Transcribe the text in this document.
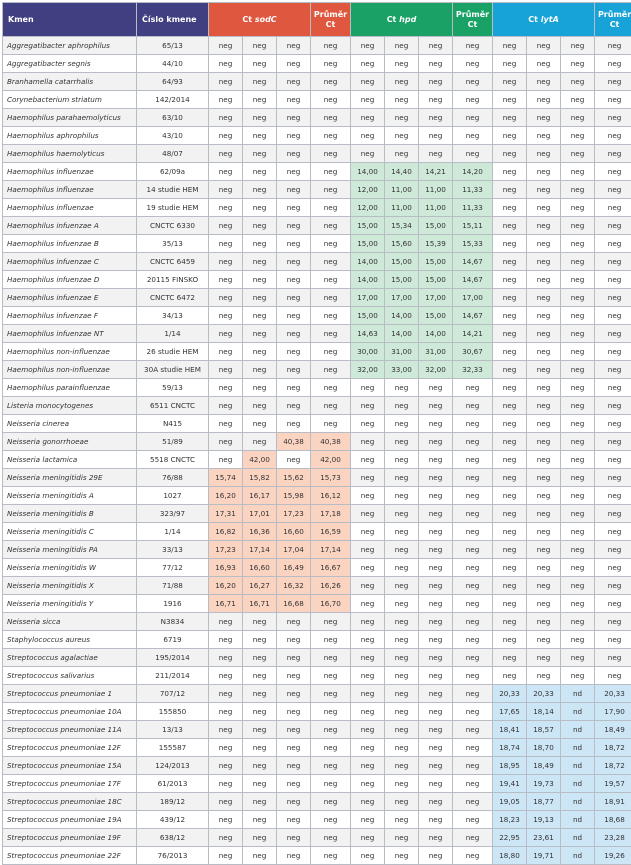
Kmen	Číslo kmene	Ct sodC			Průměr Ct	Ct hpd			Průměr Ct	Ct lytA			Průměr Ct
Aggregatibacter aphrophilus	65/13	neg	neg	neg	neg	neg	neg	neg	neg	neg	neg	neg	neg
Aggregatibacter segnis	44/10	neg	neg	neg	neg	neg	neg	neg	neg	neg	neg	neg	neg
Branhamella catarrhalis	64/93	neg	neg	neg	neg	neg	neg	neg	neg	neg	neg	neg	neg
Corynebacterium striatum	142/2014	neg	neg	neg	neg	neg	neg	neg	neg	neg	neg	neg	neg
Haemophilus parahaemolyticus	63/10	neg	neg	neg	neg	neg	neg	neg	neg	neg	neg	neg	neg
Haemophilus aphrophilus	43/10	neg	neg	neg	neg	neg	neg	neg	neg	neg	neg	neg	neg
Haemophilus haemolyticus	48/07	neg	neg	neg	neg	neg	neg	neg	neg	neg	neg	neg	neg
Haemophilus influenzae	62/09a	neg	neg	neg	neg	14,00	14,40	14,21	14,20	neg	neg	neg	neg
Haemophilus influenzae	14 studie HEM	neg	neg	neg	neg	12,00	11,00	11,00	11,33	neg	neg	neg	neg
Haemophilus influenzae	19 studie HEM	neg	neg	neg	neg	12,00	11,00	11,00	11,33	neg	neg	neg	neg
Haemophilus infuenzae A	CNCTC 6330	neg	neg	neg	neg	15,00	15,34	15,00	15,11	neg	neg	neg	neg
Haemophilus infuenzae B	35/13	neg	neg	neg	neg	15,00	15,60	15,39	15,33	neg	neg	neg	neg
Haemophilus infuenzae C	CNCTC 6459	neg	neg	neg	neg	14,00	15,00	15,00	14,67	neg	neg	neg	neg
Haemophilus infuenzae D	20115 FINSKO	neg	neg	neg	neg	14,00	15,00	15,00	14,67	neg	neg	neg	neg
Haemophilus infuenzae E	CNCTC 6472	neg	neg	neg	neg	17,00	17,00	17,00	17,00	neg	neg	neg	neg
Haemophilus infuenzae F	34/13	neg	neg	neg	neg	15,00	14,00	15,00	14,67	neg	neg	neg	neg
Haemophilus infuenzae NT	1/14	neg	neg	neg	neg	14,63	14,00	14,00	14,21	neg	neg	neg	neg
Haemophilus non-influenzae	26 studie HEM	neg	neg	neg	neg	30,00	31,00	31,00	30,67	neg	neg	neg	neg
Haemophilus non-influenzae	30A studie HEM	neg	neg	neg	neg	32,00	33,00	32,00	32,33	neg	neg	neg	neg
Haemophilus parainfluenzae	59/13	neg	neg	neg	neg	neg	neg	neg	neg	neg	neg	neg	neg
Listeria monocytogenes	6511 CNCTC	neg	neg	neg	neg	neg	neg	neg	neg	neg	neg	neg	neg
Neisseria cinerea	N415	neg	neg	neg	neg	neg	neg	neg	neg	neg	neg	neg	neg
Neisseria gonorrhoeae	51/89	neg	neg	40,38	40,38	neg	neg	neg	neg	neg	neg	neg	neg
Neisseria lactamica	5518 CNCTC	neg	42,00	neg	42,00	neg	neg	neg	neg	neg	neg	neg	neg
Neisseria meningitidis 29E	76/88	15,74	15,82	15,62	15,73	neg	neg	neg	neg	neg	neg	neg	neg
Neisseria meningitidis A	1027	16,20	16,17	15,98	16,12	neg	neg	neg	neg	neg	neg	neg	neg
Neisseria meningitidis B	323/97	17,31	17,01	17,23	17,18	neg	neg	neg	neg	neg	neg	neg	neg
Neisseria meningitidis C	1/14	16,82	16,36	16,60	16,59	neg	neg	neg	neg	neg	neg	neg	neg
Neisseria meningitidis PA	33/13	17,23	17,14	17,04	17,14	neg	neg	neg	neg	neg	neg	neg	neg
Neisseria meningitidis W	77/12	16,93	16,60	16,49	16,67	neg	neg	neg	neg	neg	neg	neg	neg
Neisseria meningitidis X	71/88	16,20	16,27	16,32	16,26	neg	neg	neg	neg	neg	neg	neg	neg
Neisseria meningitidis Y	1916	16,71	16,71	16,68	16,70	neg	neg	neg	neg	neg	neg	neg	neg
Neisseria sicca	N3834	neg	neg	neg	neg	neg	neg	neg	neg	neg	neg	neg	neg
Staphylococcus aureus	6719	neg	neg	neg	neg	neg	neg	neg	neg	neg	neg	neg	neg
Streptococcus agalactiae	195/2014	neg	neg	neg	neg	neg	neg	neg	neg	neg	neg	neg	neg
Streptococcus salivarius	211/2014	neg	neg	neg	neg	neg	neg	neg	neg	neg	neg	neg	neg
Streptococcus pneumoniae 1	707/12	neg	neg	neg	neg	neg	neg	neg	neg	20,33	20,33	nd	20,33
Streptococcus pneumoniae 10A	155850	neg	neg	neg	neg	neg	neg	neg	neg	17,65	18,14	nd	17,90
Streptococcus pneumoniae 11A	13/13	neg	neg	neg	neg	neg	neg	neg	neg	18,41	18,57	nd	18,49
Streptococcus pneumoniae 12F	155587	neg	neg	neg	neg	neg	neg	neg	neg	18,74	18,70	nd	18,72
Streptococcus pneumoniae 15A	124/2013	neg	neg	neg	neg	neg	neg	neg	neg	18,95	18,49	nd	18,72
Streptococcus pneumoniae 17F	61/2013	neg	neg	neg	neg	neg	neg	neg	neg	19,41	19,73	nd	19,57
Streptococcus pneumoniae 18C	189/12	neg	neg	neg	neg	neg	neg	neg	neg	19,05	18,77	nd	18,91
Streptococcus pneumoniae 19A	439/12	neg	neg	neg	neg	neg	neg	neg	neg	18,23	19,13	nd	18,68
Streptococcus pneumoniae 19F	638/12	neg	neg	neg	neg	neg	neg	neg	neg	22,95	23,61	nd	23,28
Streptococcus pneumoniae 22F	76/2013	neg	neg	neg	neg	neg	neg	neg	neg	18,80	19,71	nd	19,26
